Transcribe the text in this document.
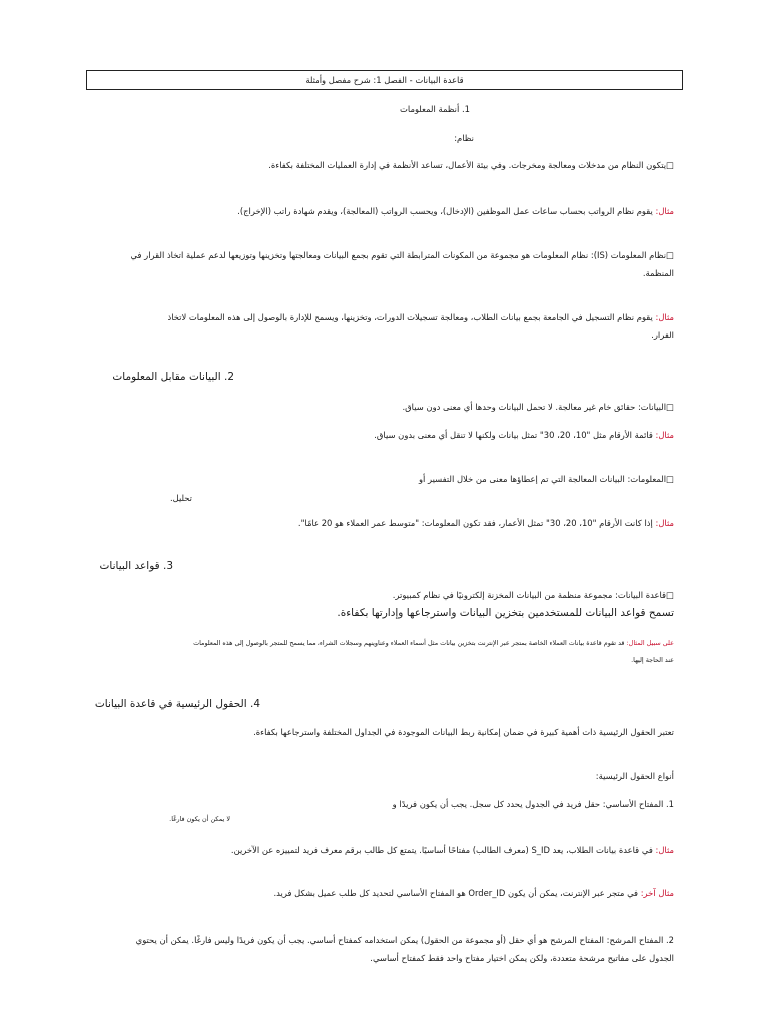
قاعدة البيانات - الفصل 1: شرح مفصل وأمثلة
1. أنظمة المعلومات
نظام:
□يتكون النظام من مدخلات ومعالجة ومخرجات. وفي بيئة الأعمال، تساعد الأنظمة في إدارة العمليات المختلفة بكفاءة.
مثال: يقوم نظام الرواتب بحساب ساعات عمل الموظفين (الإدخال)، ويحسب الرواتب (المعالجة)، ويقدم شهادة راتب (الإخراج).
□نظام المعلومات (IS): نظام المعلومات هو مجموعة من المكونات المترابطة التي تقوم بجمع البيانات ومعالجتها وتخزينها وتوزيعها لدعم عملية اتخاذ القرار في
المنظمة.
مثال: يقوم نظام التسجيل في الجامعة بجمع بيانات الطلاب، ومعالجة تسجيلات الدورات، وتخزينها، ويسمح للإدارة بالوصول إلى هذه المعلومات لاتخاذ
القرار.
2. البيانات مقابل المعلومات
□البيانات: حقائق خام غير معالجة. لا تحمل البيانات وحدها أي معنى دون سياق.
مثال: قائمة الأرقام مثل "10، 20، 30" تمثل بيانات ولكنها لا تنقل أي معنى بدون سياق.
□المعلومات: البيانات المعالجة التي تم إعطاؤها معنى من خلال التفسير أو
تحليل.
مثال: إذا كانت الأرقام "10، 20، 30" تمثل الأعمار، فقد تكون المعلومات: "متوسط عمر العملاء هو 20 عامًا".
3. قواعد البيانات
□قاعدة البيانات: مجموعة منظمة من البيانات المخزنة إلكترونيًا في نظام كمبيوتر.
تسمح قواعد البيانات للمستخدمين بتخزين البيانات واسترجاعها وإدارتها بكفاءة.
على سبيل المثال: قد تقوم قاعدة بيانات العملاء الخاصة بمتجر عبر الإنترنت بتخزين بيانات مثل أسماء العملاء وعناوينهم وسجلات الشراء، مما يسمح للمتجر بالوصول إلى هذه المعلومات
عند الحاجة إليها.
4. الحقول الرئيسية في قاعدة البيانات
تعتبر الحقول الرئيسية ذات أهمية كبيرة في ضمان إمكانية ربط البيانات الموجودة في الجداول المختلفة واسترجاعها بكفاءة.
أنواع الحقول الرئيسية:
1. المفتاح الأساسي: حقل فريد في الجدول يحدد كل سجل. يجب أن يكون فريدًا و
لا يمكن أن يكون فارغًا.
مثال: في قاعدة بيانات الطلاب، يعد S_ID (معرف الطالب) مفتاحًا أساسيًا. يتمتع كل طالب برقم معرف فريد لتمييزه عن الآخرين.
مثال آخر: في متجر عبر الإنترنت، يمكن أن يكون Order_ID هو المفتاح الأساسي لتحديد كل طلب عميل بشكل فريد.
2. المفتاح المرشح: المفتاح المرشح هو أي حقل (أو مجموعة من الحقول) يمكن استخدامه كمفتاح أساسي. يجب أن يكون فريدًا وليس فارغًا. يمكن أن يحتوي
الجدول على مفاتيح مرشحة متعددة، ولكن يمكن اختيار مفتاح واحد فقط كمفتاح أساسي.
